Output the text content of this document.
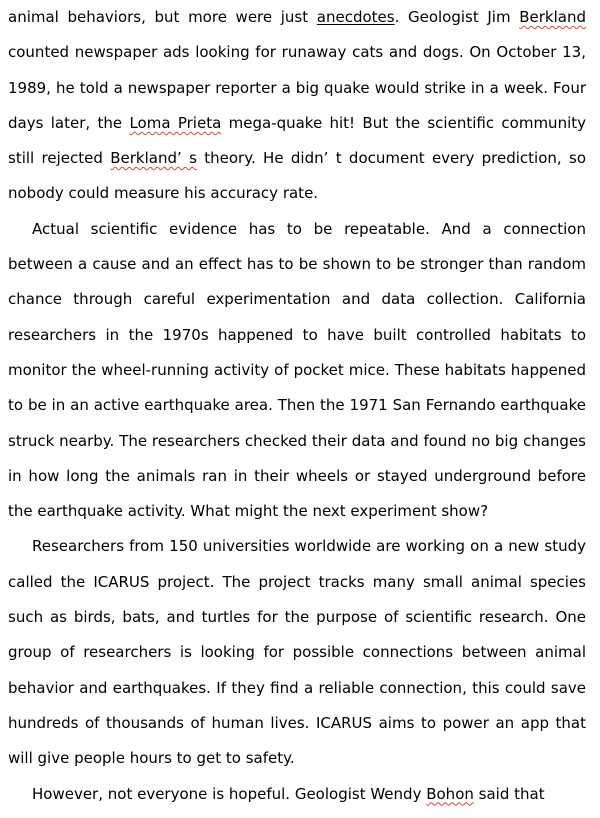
animal behaviors, but more were just anecdotes. Geologist Jim Berkland counted newspaper ads looking for runaway cats and dogs. On October 13, 1989, he told a newspaper reporter a big quake would strike in a week. Four days later, the Loma Prieta mega-quake hit! But the scientific community still rejected Berkland’ s theory. He didn’ t document every prediction, so nobody could measure his accuracy rate.

Actual scientific evidence has to be repeatable. And a connection between a cause and an effect has to be shown to be stronger than random chance through careful experimentation and data collection. California researchers in the 1970s happened to have built controlled habitats to monitor the wheel-running activity of pocket mice. These habitats happened to be in an active earthquake area. Then the 1971 San Fernando earthquake struck nearby. The researchers checked their data and found no big changes in how long the animals ran in their wheels or stayed underground before the earthquake activity. What might the next experiment show?

Researchers from 150 universities worldwide are working on a new study called the ICARUS project. The project tracks many small animal species such as birds, bats, and turtles for the purpose of scientific research. One group of researchers is looking for possible connections between animal behavior and earthquakes. If they find a reliable connection, this could save hundreds of thousands of human lives. ICARUS aims to power an app that will give people hours to get to safety.

However, not everyone is hopeful. Geologist Wendy Bohon said that
